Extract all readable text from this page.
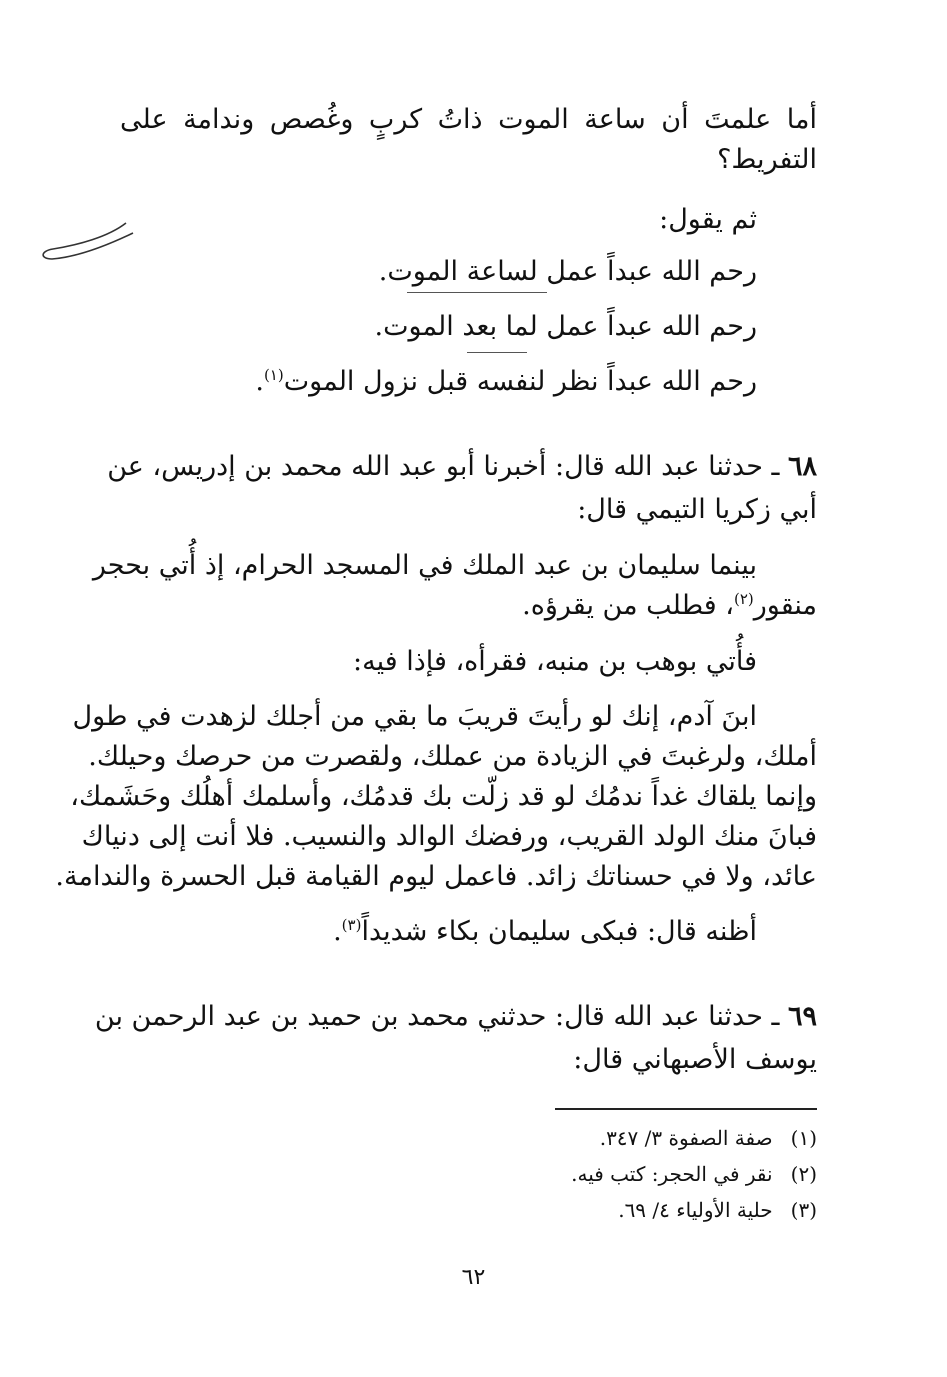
أما علمتَ أن ساعة الموت ذاتُ كربٍ وغُصص وندامة على
التفريط؟
ثم يقول:
رحم الله عبداً عمل لساعة الموت.
رحم الله عبداً عمل لما بعد الموت.
رحم الله عبداً نظر لنفسه قبل نزول الموت$^{(١)}$.
٦٨ ـ حدثنا عبد الله قال: أخبرنا أبو عبد الله محمد بن إدريس، عن
أبي زكريا التيمي قال:
بينما سليمان بن عبد الملك في المسجد الحرام، إذ أُتي بحجر
منقور$^{(٢)}$، فطلب من يقرؤه.
فأُتي بوهب بن منبه، فقرأه، فإذا فيه:
ابنَ آدم، إنك لو رأيتَ قريبَ ما بقي من أجلك لزهدت في طول
أملك، ولرغبتَ في الزيادة من عملك، ولقصرت من حرصك وحيلك.
وإنما يلقاك غداً ندمُك لو قد زلّت بك قدمُك، وأسلمك أهلُك وحَشَمك،
فبانَ منك الولد القريب، ورفضك الوالد والنسيب. فلا أنت إلى دنياك
عائد، ولا في حسناتك زائد. فاعمل ليوم القيامة قبل الحسرة والندامة.
أظنه قال: فبكى سليمان بكاء شديداً$^{(٣)}$.
٦٩ ـ حدثنا عبد الله قال: حدثني محمد بن حميد بن عبد الرحمن بن
يوسف الأصبهاني قال:
(١)صفة الصفوة ٣/ ٣٤٧.
(٢)نقر في الحجر: كتب فيه.
(٣)حلية الأولياء ٤/ ٦٩.
٦٢
